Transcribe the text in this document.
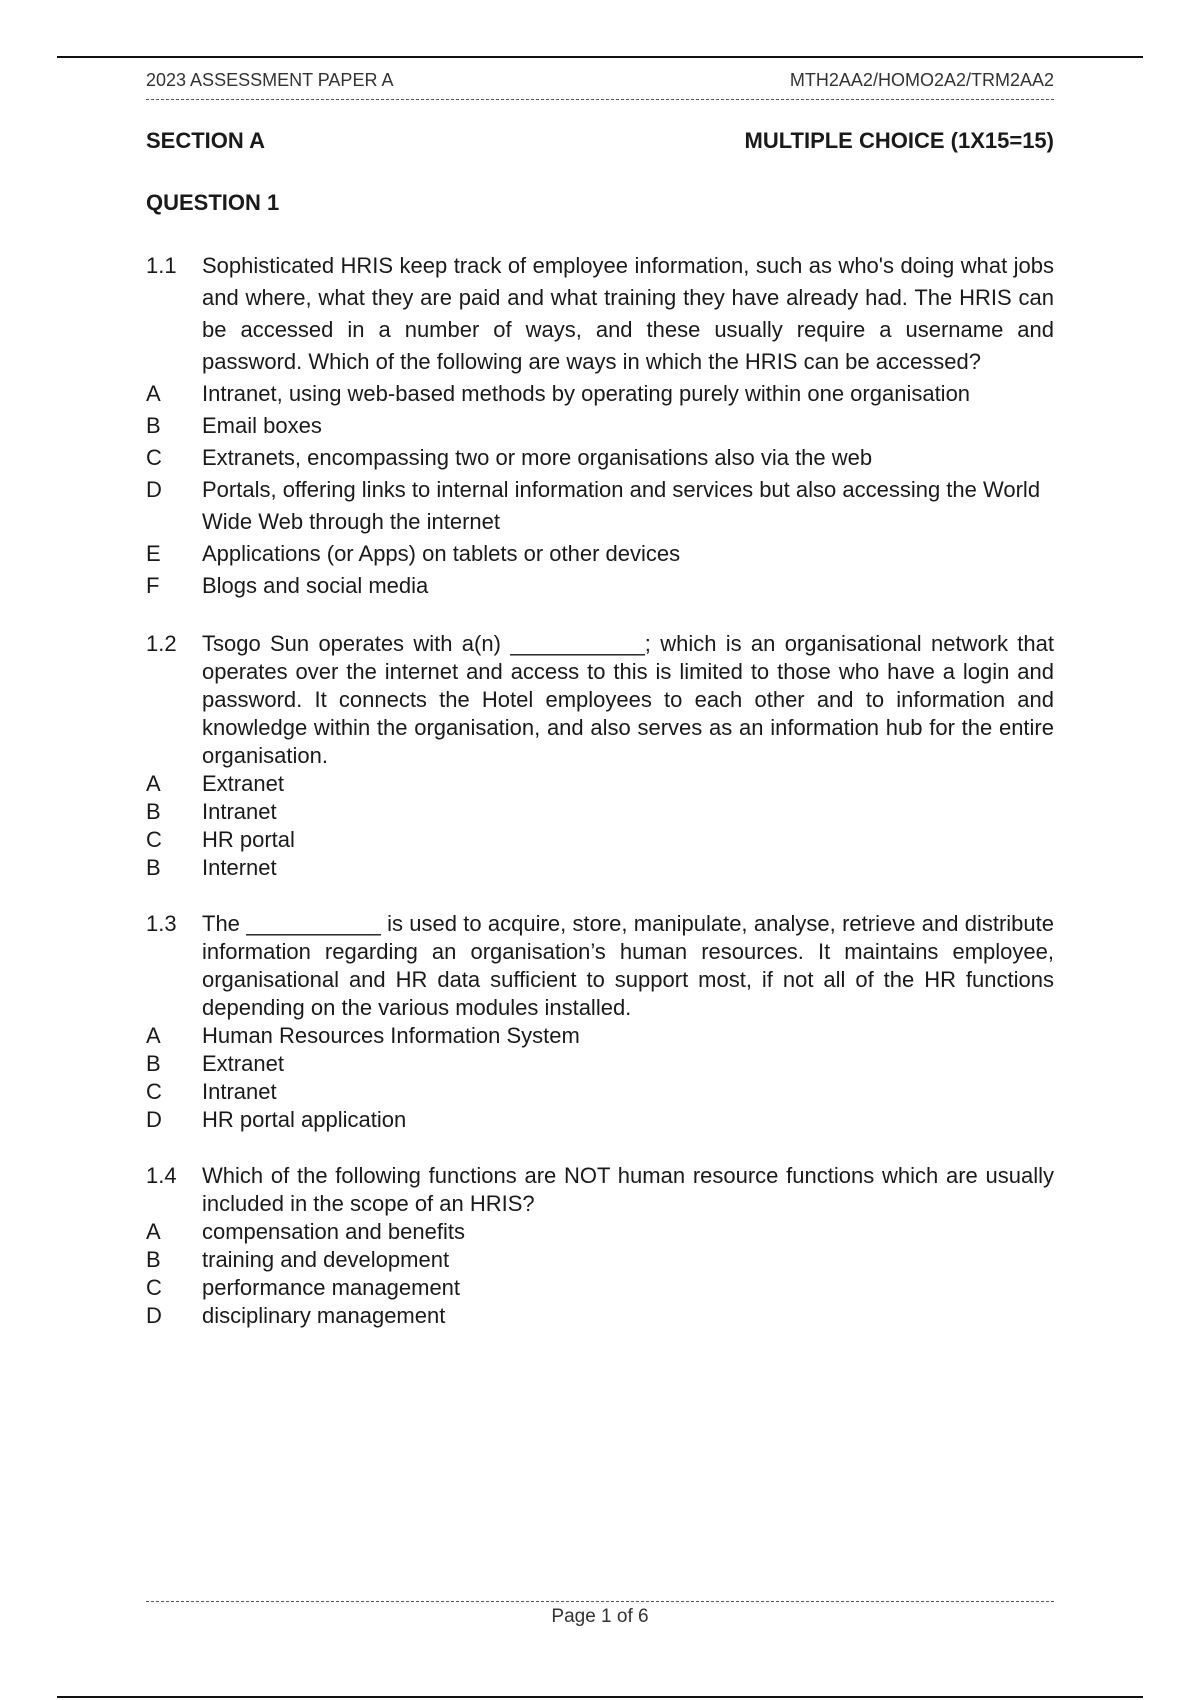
2023 ASSESSMENT PAPER A	MTH2AA2/HOMO2A2/TRM2AA2
SECTION A	MULTIPLE CHOICE (1X15=15)
QUESTION 1
1.1	Sophisticated HRIS keep track of employee information, such as who's doing what jobs and where, what they are paid and what training they have already had. The HRIS can be accessed in a number of ways, and these usually require a username and password. Which of the following are ways in which the HRIS can be accessed?
A	Intranet, using web-based methods by operating purely within one organisation
B	Email boxes
C	Extranets, encompassing two or more organisations also via the web
D	Portals, offering links to internal information and services but also accessing the World Wide Web through the internet
E	Applications (or Apps) on tablets or other devices
F	Blogs and social media
1.2	Tsogo Sun operates with a(n) ___________; which is an organisational network that operates over the internet and access to this is limited to those who have a login and password. It connects the Hotel employees to each other and to information and knowledge within the organisation, and also serves as an information hub for the entire organisation.
A	Extranet
B	Intranet
C	HR portal
B	Internet
1.3	The ___________ is used to acquire, store, manipulate, analyse, retrieve and distribute information regarding an organisation’s human resources. It maintains employee, organisational and HR data sufficient to support most, if not all of the HR functions depending on the various modules installed.
A	Human Resources Information System
B	Extranet
C	Intranet
D	HR portal application
1.4	Which of the following functions are NOT human resource functions which are usually included in the scope of an HRIS?
A	compensation and benefits
B	training and development
C	performance management
D	disciplinary management
Page 1 of 6
